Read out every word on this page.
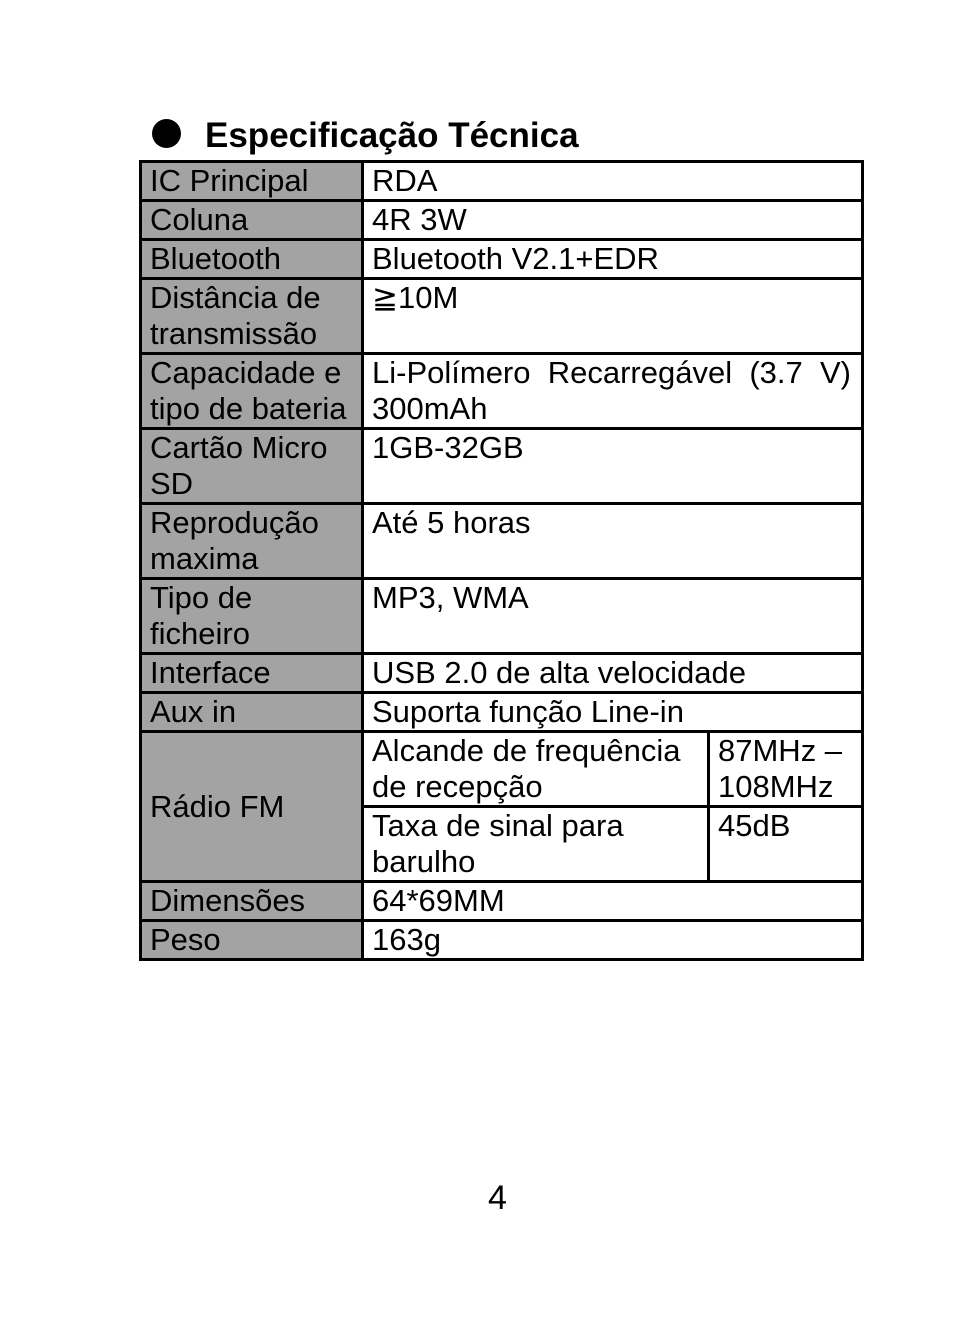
Especificação Técnica
IC Principal	RDA	
Coluna	4R 3W	
Bluetooth	Bluetooth V2.1+EDR	
Distância de transmissão	≧10M	
Capacidade e tipo de bateria	Li-Polímero Recarregável (3.7 V) 300mAh	
Cartão Micro SD	1GB-32GB	
Reprodução maxima	Até 5 horas	
Tipo de ficheiro	MP3, WMA	
Interface	USB 2.0 de alta velocidade	
Aux in	Suporta função Line-in	
Rádio FM	Alcande de frequência de recepção	87MHz – 108MHz
	Taxa de sinal para barulho	45dB
Dimensões	64*69MM	
Peso	163g	
4
